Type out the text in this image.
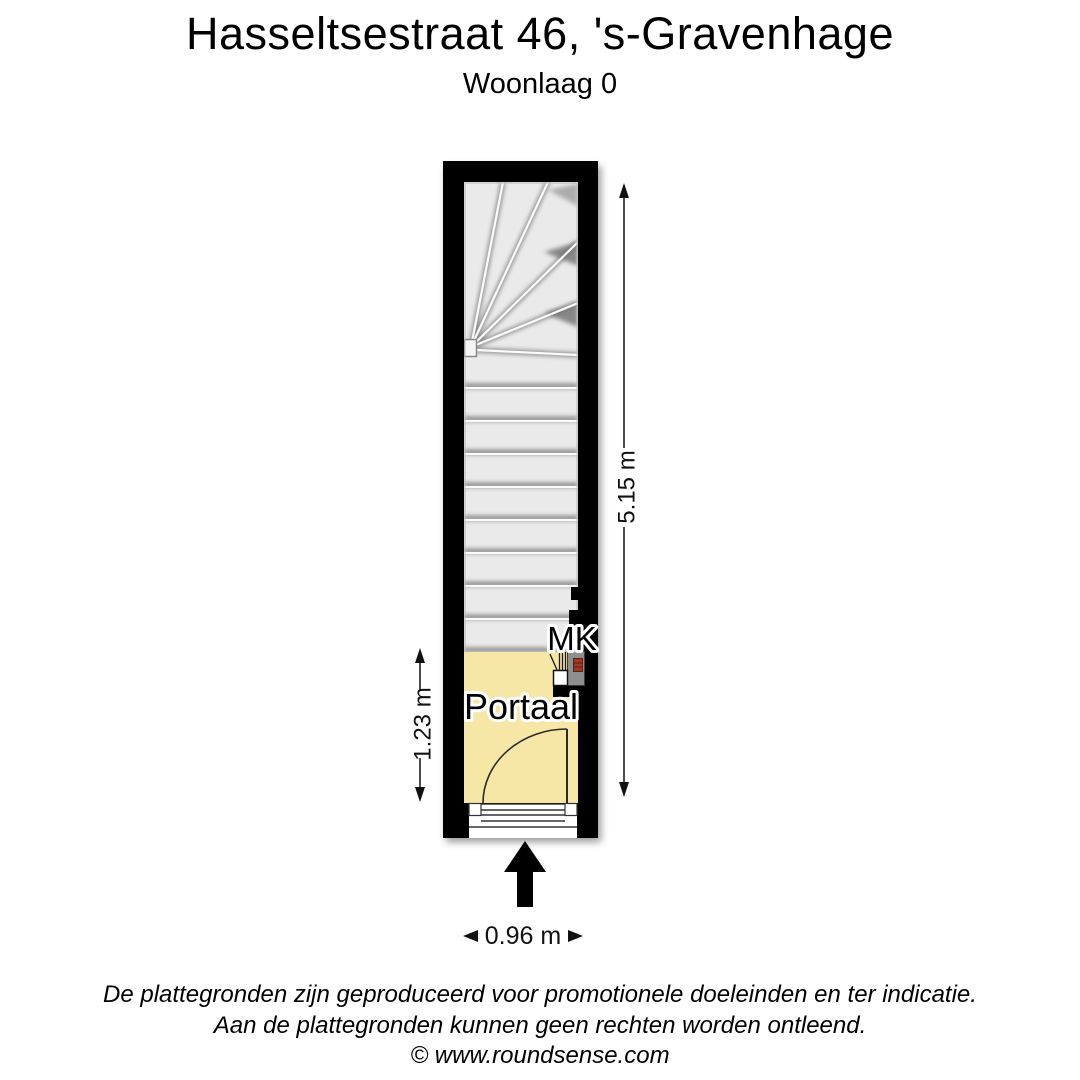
Hasseltsestraat 46, 's-Gravenhage
Woonlaag 0
Portaal
MK
5.15 m
1.23 m
0.96 m
De plattegronden zijn geproduceerd voor promotionele doeleinden en ter indicatie.
Aan de plattegronden kunnen geen rechten worden ontleend.
© www.roundsense.com
